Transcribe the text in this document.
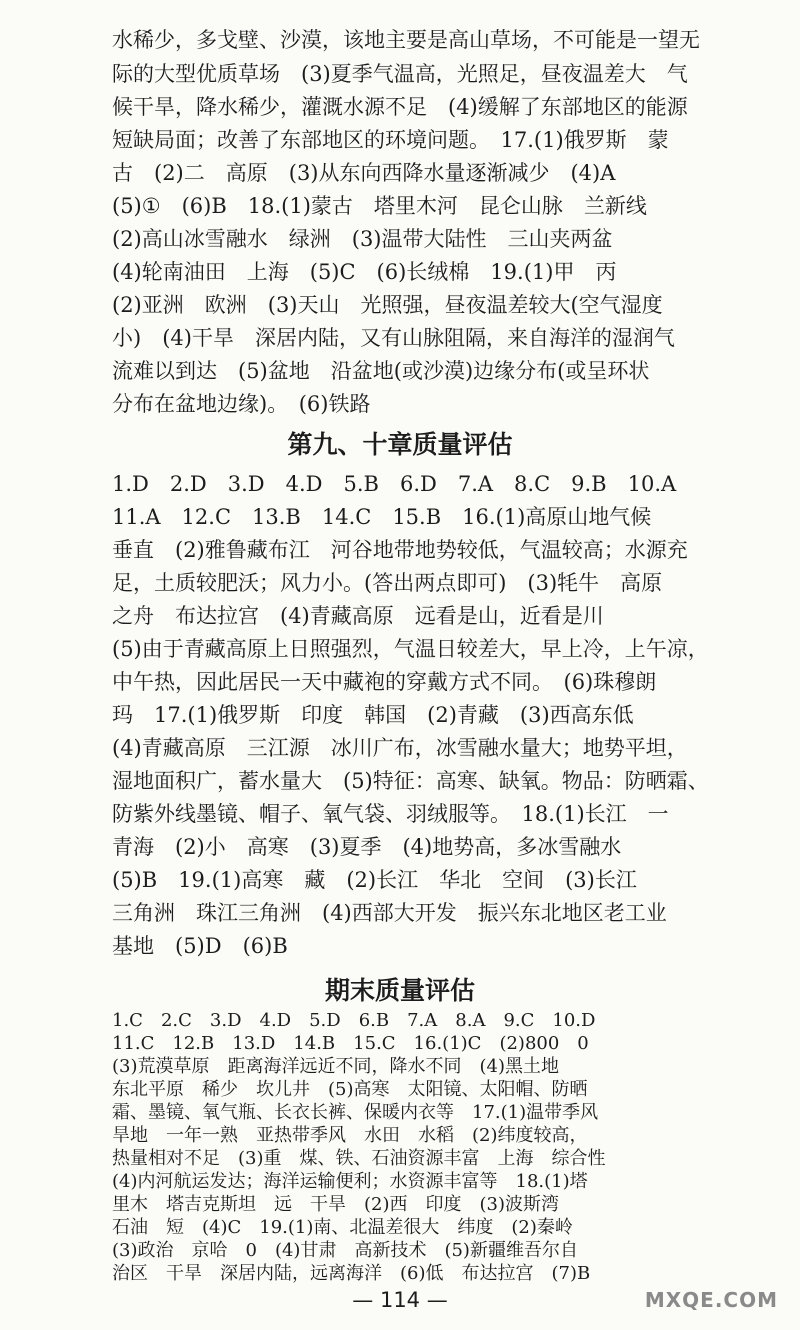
水稀少，多戈壁、沙漠，该地主要是高山草场，不可能是一望无
际的大型优质草场　(3)夏季气温高，光照足，昼夜温差大　气
候干旱，降水稀少，灌溉水源不足　(4)缓解了东部地区的能源
短缺局面；改善了东部地区的环境问题。　17.(1)俄罗斯　蒙
古　(2)二　高原　(3)从东向西降水量逐渐减少　(4)A
(5)①　(6)B　18.(1)蒙古　塔里木河　昆仑山脉　兰新线
(2)高山冰雪融水　绿洲　(3)温带大陆性　三山夹两盆
(4)轮南油田　上海　(5)C　(6)长绒棉　19.(1)甲　丙
(2)亚洲　欧洲　(3)天山　光照强，昼夜温差较大(空气湿度
小)　(4)干旱　深居内陆，又有山脉阻隔，来自海洋的湿润气
流难以到达　(5)盆地　沿盆地(或沙漠)边缘分布(或呈环状
分布在盆地边缘)。　(6)铁路
第九、十章质量评估
1.D　2.D　3.D　4.D　5.B　6.D　7.A　8.C　9.B　10.A
11.A　12.C　13.B　14.C　15.B　16.(1)高原山地气候
垂直　(2)雅鲁藏布江　河谷地带地势较低，气温较高；水源充
足，土质较肥沃；风力小。(答出两点即可)　(3)牦牛　高原
之舟　布达拉宫　(4)青藏高原　远看是山，近看是川
(5)由于青藏高原上日照强烈，气温日较差大，早上冷，上午凉，
中午热，因此居民一天中藏袍的穿戴方式不同。　(6)珠穆朗
玛　17.(1)俄罗斯　印度　韩国　(2)青藏　(3)西高东低
(4)青藏高原　三江源　冰川广布，冰雪融水量大；地势平坦，
湿地面积广，蓄水量大　(5)特征：高寒、缺氧。物品：防晒霜、
防紫外线墨镜、帽子、氧气袋、羽绒服等。　18.(1)长江　一
青海　(2)小　高寒　(3)夏季　(4)地势高，多冰雪融水
(5)B　19.(1)高寒　藏　(2)长江　华北　空间　(3)长江
三角洲　珠江三角洲　(4)西部大开发　振兴东北地区老工业
基地　(5)D　(6)B
期末质量评估
1.C　2.C　3.D　4.D　5.D　6.B　7.A　8.A　9.C　10.D
11.C　12.B　13.D　14.B　15.C　16.(1)C　(2)800　0
(3)荒漠草原　距离海洋远近不同，降水不同　(4)黑土地
东北平原　稀少　坎儿井　(5)高寒　太阳镜、太阳帽、防晒
霜、墨镜、氧气瓶、长衣长裤、保暖内衣等　17.(1)温带季风
旱地　一年一熟　亚热带季风　水田　水稻　(2)纬度较高，
热量相对不足　(3)重　煤、铁、石油资源丰富　上海　综合性
(4)内河航运发达；海洋运输便利；水资源丰富等　18.(1)塔
里木　塔吉克斯坦　远　干旱　(2)西　印度　(3)波斯湾
石油　短　(4)C　19.(1)南、北温差很大　纬度　(2)秦岭
(3)政治　京哈　0　(4)甘肃　高新技术　(5)新疆维吾尔自
治区　干旱　深居内陆，远离海洋　(6)低　布达拉宫　(7)B
— 114 —	MXQE.COM
